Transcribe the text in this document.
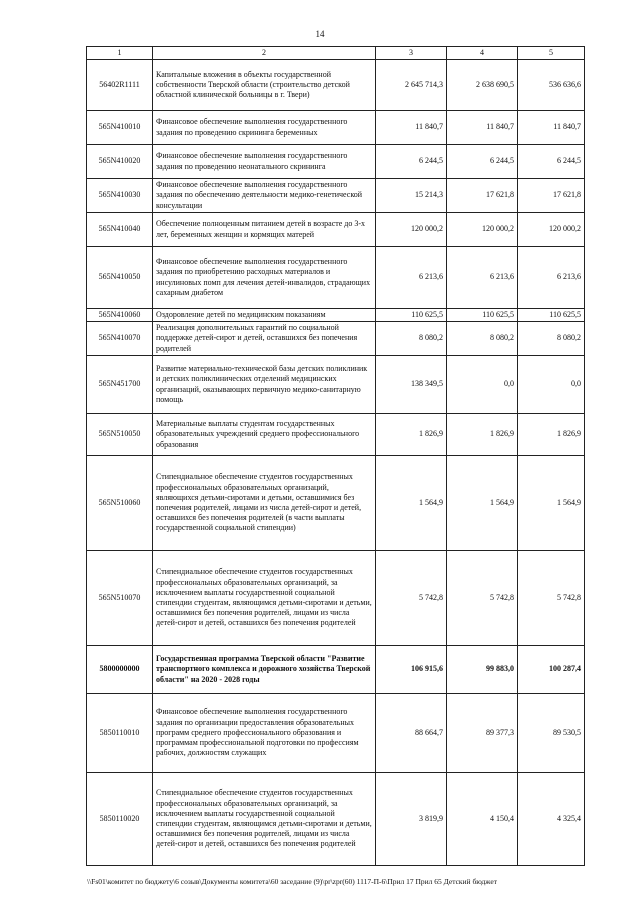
14
1	2	3	4	5
56402R1111	Капитальные вложения в объекты государственной собственности Тверской области (строительство детской областной клинической больницы в г. Твери)	2 645 714,3	2 638 690,5	536 636,6
565N410010	Финансовое обеспечение выполнения государственного задания по проведению скрининга беременных	11 840,7	11 840,7	11 840,7
565N410020	Финансовое обеспечение выполнения государственного задания по проведению неонатального скрининга	6 244,5	6 244,5	6 244,5
565N410030	Финансовое обеспечение выполнения государственного задания по обеспечению деятельности медико-генетической консультации	15 214,3	17 621,8	17 621,8
565N410040	Обеспечение полноценным питанием детей в возрасте до 3-х лет, беременных женщин и кормящих матерей	120 000,2	120 000,2	120 000,2
565N410050	Финансовое обеспечение выполнения государственного задания по приобретению расходных материалов и инсулиновых помп для лечения детей-инвалидов, страдающих сахарным диабетом	6 213,6	6 213,6	6 213,6
565N410060	Оздоровление детей по медицинским показаниям	110 625,5	110 625,5	110 625,5
565N410070	Реализация дополнительных гарантий по социальной поддержке детей-сирот и детей, оставшихся без попечения родителей	8 080,2	8 080,2	8 080,2
565N451700	Развитие материально-технической базы детских поликлиник и детских поликлинических отделений медицинских организаций, оказывающих первичную медико-санитарную помощь	138 349,5	0,0	0,0
565N510050	Материальные выплаты студентам государственных образовательных учреждений среднего профессионального образования	1 826,9	1 826,9	1 826,9
565N510060	Стипендиальное обеспечение студентов государственных профессиональных образовательных организаций, являющихся детьми-сиротами и детьми, оставшимися без попечения родителей, лицами из числа детей-сирот и детей, оставшихся без попечения родителей (в части выплаты государственной социальной стипендии)	1 564,9	1 564,9	1 564,9
565N510070	Стипендиальное обеспечение студентов государственных профессиональных образовательных организаций, за исключением выплаты государственной социальной стипендии студентам, являющимся детьми-сиротами и детьми, оставшимися без попечения родителей, лицами из числа детей-сирот и детей, оставшихся без попечения родителей	5 742,8	5 742,8	5 742,8
5800000000	Государственная программа Тверской области "Развитие транспортного комплекса и дорожного хозяйства Тверской области" на 2020 - 2028 годы	106 915,6	99 883,0	100 287,4
5850110010	Финансовое обеспечение выполнения государственного задания по организации предоставления образовательных программ среднего профессионального образования и программам профессиональной подготовки по профессиям рабочих, должностям служащих	88 664,7	89 377,3	89 530,5
5850110020	Стипендиальное обеспечение студентов государственных профессиональных образовательных организаций, за исключением выплаты государственной социальной стипендии студентам, являющимся детьми-сиротами и детьми, оставшимися без попечения родителей, лицами из числа детей-сирот и детей, оставшихся без попечения родителей	3 819,9	4 150,4	4 325,4
\\Fs01\комитет по бюджету\6 созыв\Документы комитета\60 заседание (9)\pr\zpr(60) 1117-П-6\Прил 17 Прил 65 Детский бюджет
